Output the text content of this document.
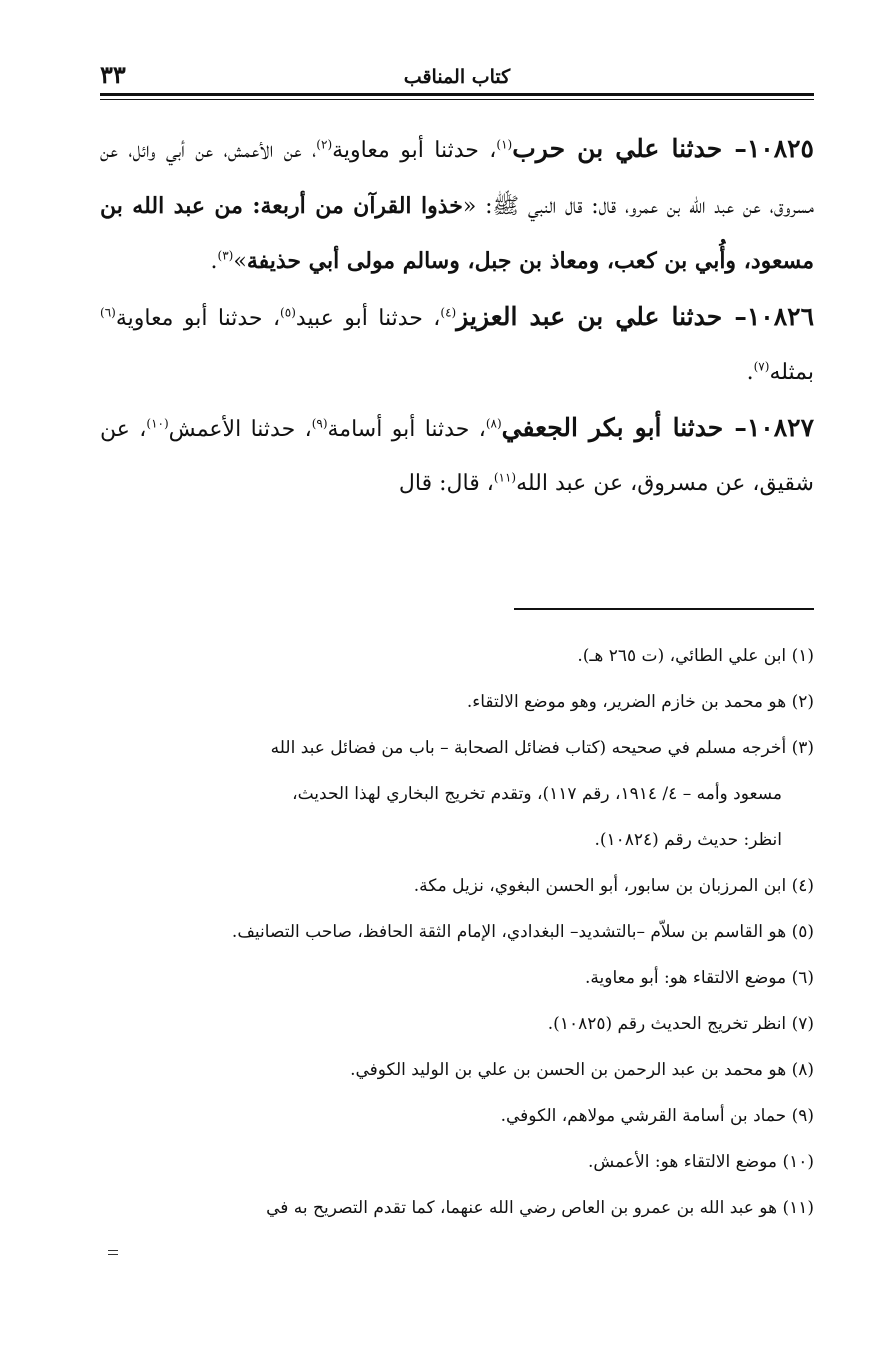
كتاب المناقب
٣٣

١٠٨٢٥– حدثنا علي بن حرب$^{(١)}$، حدثنا أبو معاوية$^{(٢)}$، عن الأعمش، عن أبي وائل، عن مسروق، عن عبد الله بن عمرو، قال: قال النبي ﷺ: «خذوا القرآن من أربعة: من عبد الله بن مسعود، وأُبي بن كعب، ومعاذ بن جبل، وسالم مولى أبي حذيفة»$^{(٣)}$.

١٠٨٢٦– حدثنا علي بن عبد العزيز$^{(٤)}$، حدثنا أبو عبيد$^{(٥)}$، حدثنا أبو معاوية$^{(٦)}$ بمثله$^{(٧)}$.

١٠٨٢٧– حدثنا أبو بكر الجعفي$^{(٨)}$، حدثنا أبو أسامة$^{(٩)}$، حدثنا الأعمش$^{(١٠)}$، عن شقيق، عن مسروق، عن عبد الله$^{(١١)}$، قال: قال

(١) ابن علي الطائي، (ت ٢٦٥ هـ).

(٢) هو محمد بن خازم الضرير، وهو موضع الالتقاء.

(٣) أخرجه مسلم في صحيحه (كتاب فضائل الصحابة – باب من فضائل عبد الله

مسعود وأمه – ٤/ ١٩١٤، رقم ١١٧)، وتقدم تخريج البخاري لهذا الحديث،

انظر: حديث رقم (١٠٨٢٤).

(٤) ابن المرزبان بن سابور، أبو الحسن البغوي، نزيل مكة.

(٥) هو القاسم بن سلاّم –بالتشديد– البغدادي، الإمام الثقة الحافظ، صاحب التصانيف.

(٦) موضع الالتقاء هو: أبو معاوية.

(٧) انظر تخريج الحديث رقم (١٠٨٢٥).

(٨) هو محمد بن عبد الرحمن بن الحسن بن علي بن الوليد الكوفي.

(٩) حماد بن أسامة القرشي مولاهم، الكوفي.

(١٠) موضع الالتقاء هو: الأعمش.

(١١) هو عبد الله بن عمرو بن العاص رضي الله عنهما، كما تقدم التصريح به في
